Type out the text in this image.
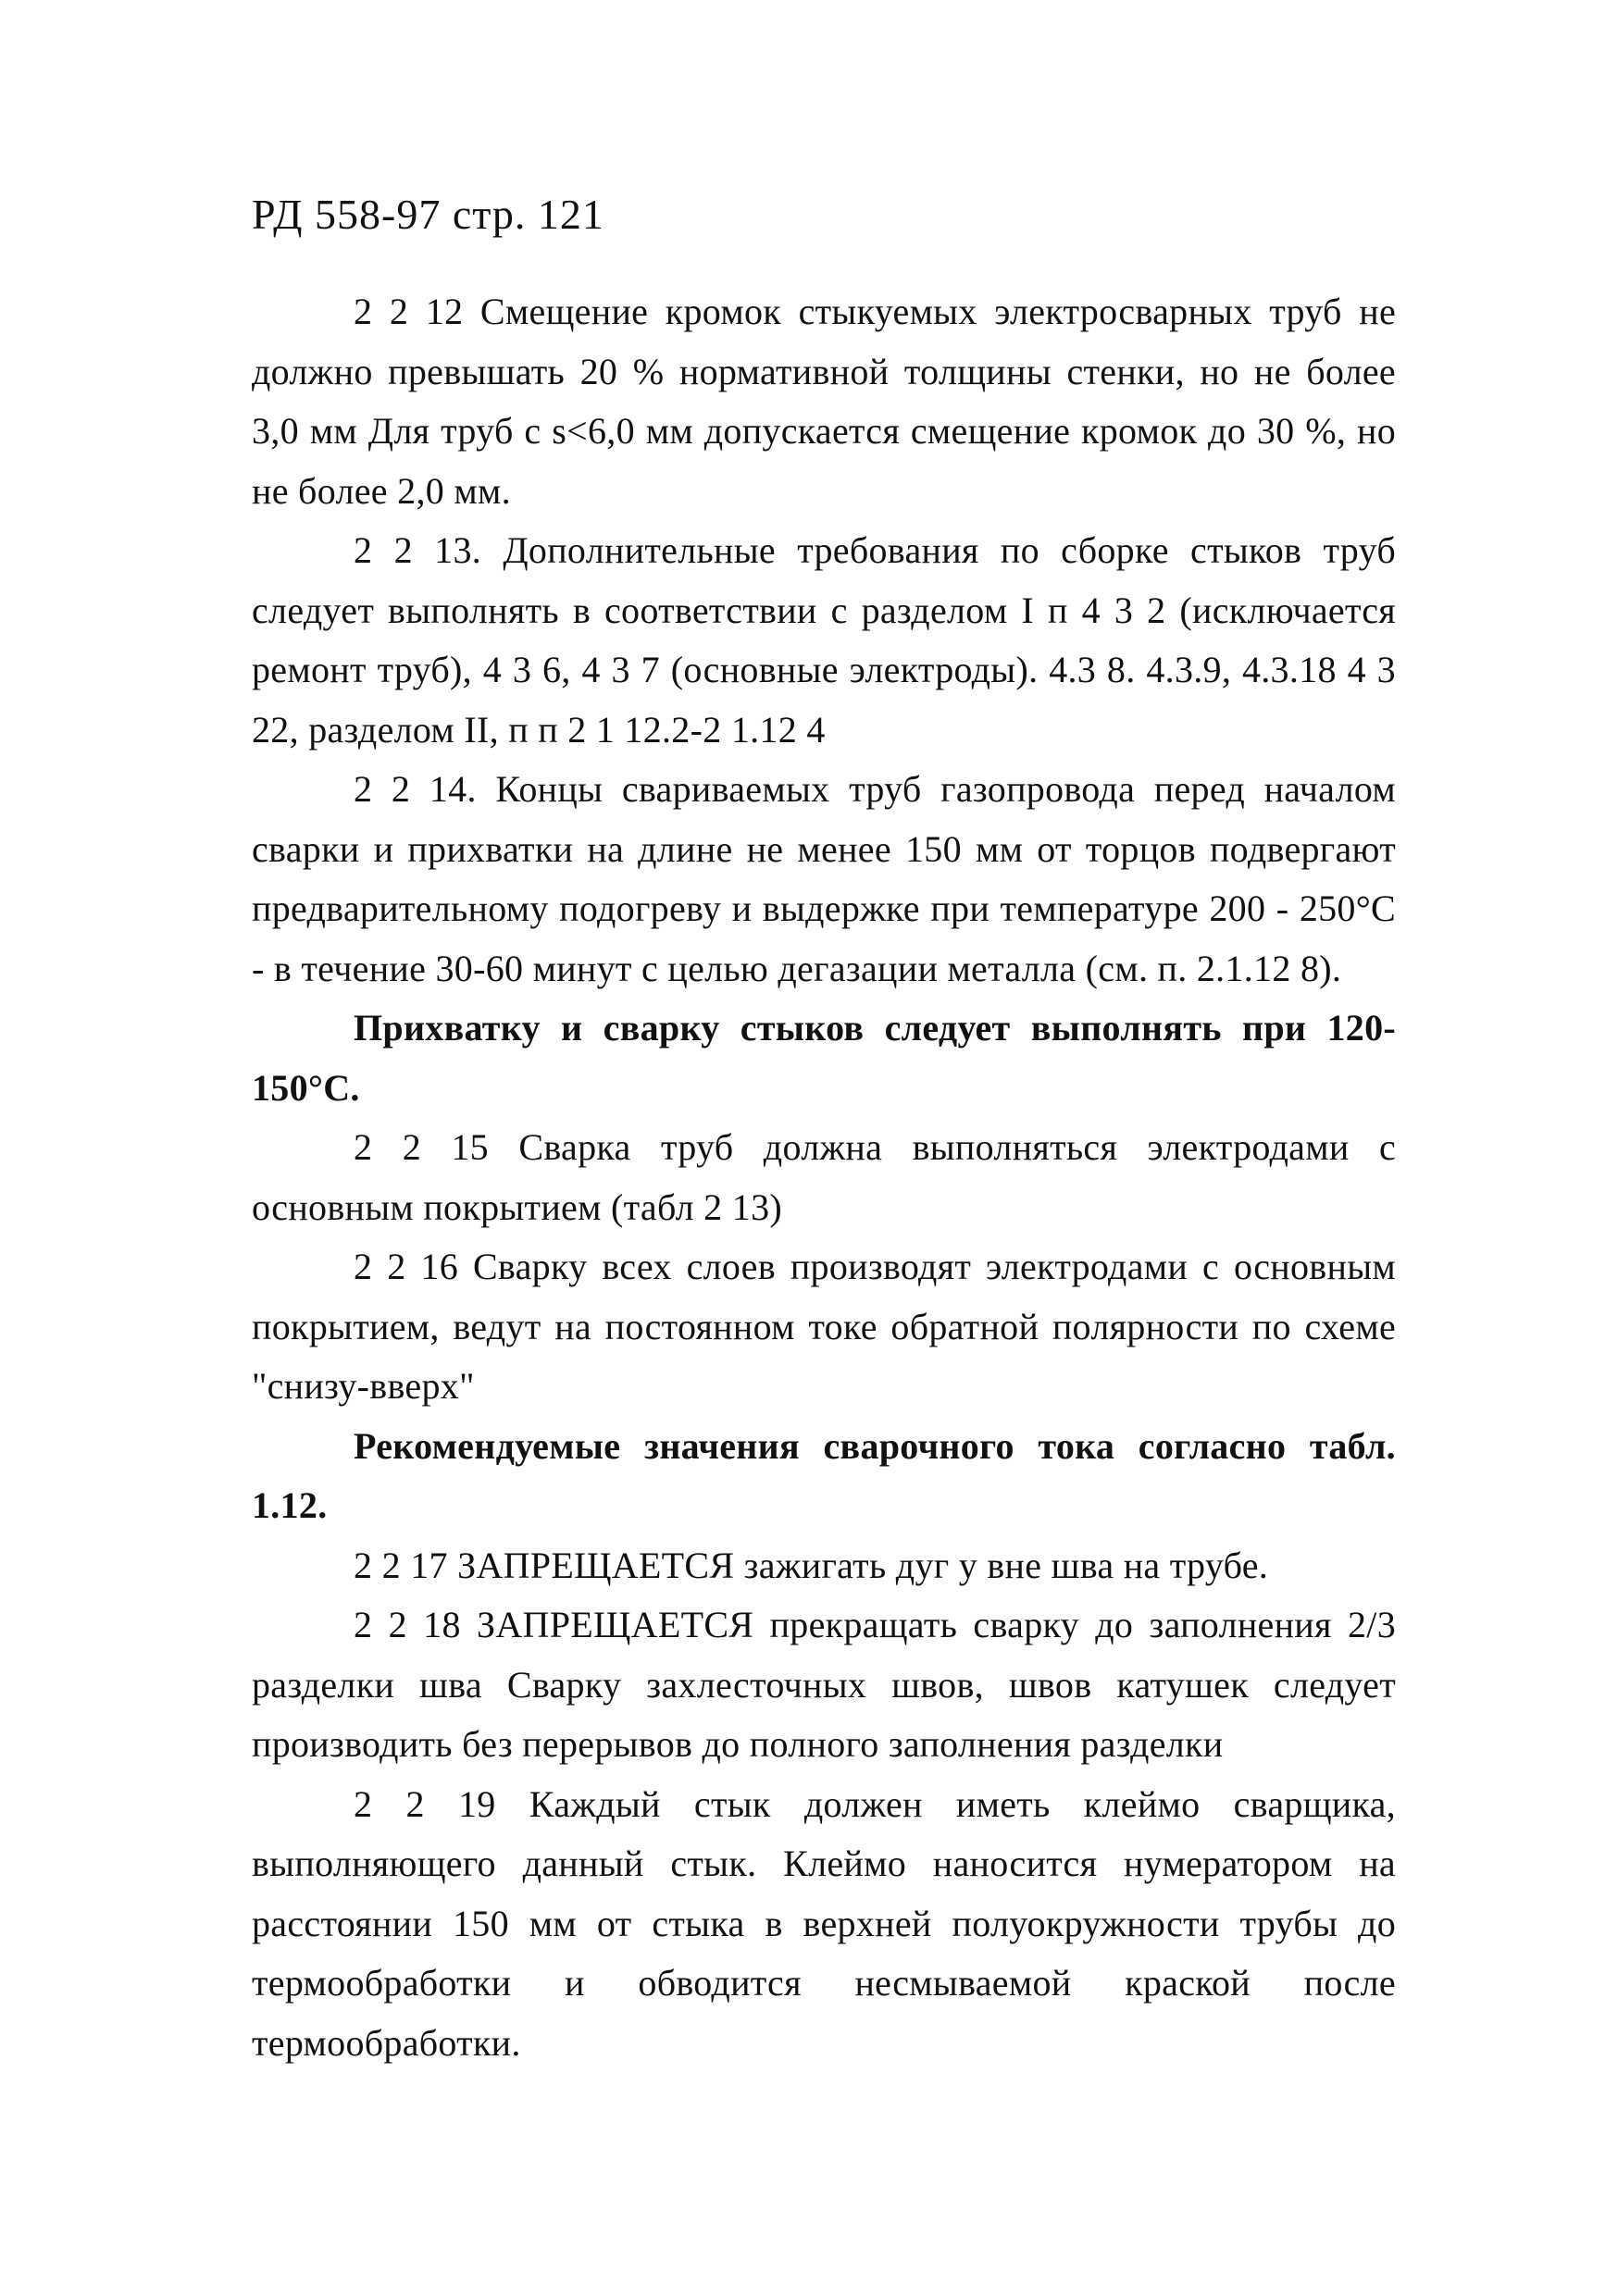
РД 558-97 стр. 121

2 2 12 Смещение кромок стыкуемых электросварных труб не должно превышать 20 % нормативной толщины стенки, но не более 3,0 мм Для труб с s<6,0 мм допускается смещение кромок до 30 %, но не более 2,0 мм.

2 2 13. Дополнительные требования по сборке стыков труб следует выполнять в соответствии с разделом I п 4 3 2 (исключается ремонт труб), 4 3 6, 4 3 7 (основные электроды). 4.3 8. 4.3.9, 4.3.18 4 3 22, разделом II, п п 2 1 12.2-2 1.12 4

2 2 14. Концы свариваемых труб газопровода перед началом сварки и прихватки на длине не менее 150 мм от торцов подвергают предварительному подогреву и выдержке при температуре 200 - 250°С - в течение 30-60 минут с целью дегазации металла (см. п. 2.1.12 8).

Прихватку и сварку стыков следует выполнять при 120-150°С.

2 2 15 Сварка труб должна выполняться электродами с основным покрытием (табл 2 13)

2 2 16 Сварку всех слоев производят электродами с основным покрытием, ведут на постоянном токе обратной полярности по схеме "снизу-вверх"

Рекомендуемые значения сварочного тока согласно табл. 1.12.

2 2 17 ЗАПРЕЩАЕТСЯ зажигать дуг у вне шва на трубе.

2 2 18 ЗАПРЕЩАЕТСЯ прекращать сварку до заполнения 2/3 разделки шва Сварку захлесточных швов, швов катушек следует производить без перерывов до полного заполнения разделки

2 2 19 Каждый стык должен иметь клеймо сварщика, выполняющего данный стык. Клеймо наносится нумератором на расстоянии 150 мм от стыка в верхней полуокружности трубы до термообработки и обводится несмываемой краской после термообработки.
